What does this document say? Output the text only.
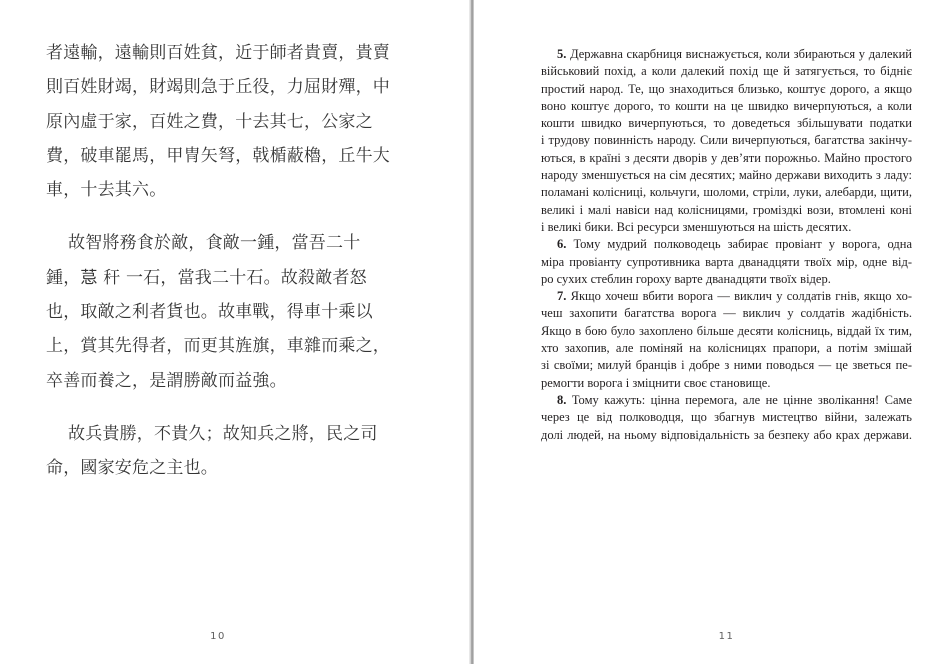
者遠輸，遠輸則百姓貧，近于師者貴賣，貴賣
則百姓財竭，財竭則急于丘役，力屈財殫，中
原內虛于家，百姓之費，十去其七，公家之
費，破車罷馬，甲冑矢弩，戟楯蔽櫓，丘牛大
車，十去其六。
故智將務食於敵，食敵一鍾，當吾二十
鍾，𦮼 秆 一石，當我二十石。故殺敵者怒
也，取敵之利者貨也。故車戰，得車十乘以
上，賞其先得者，而更其旌旗，車雜而乘之，
卒善而養之，是謂勝敵而益強。
故兵貴勝，不貴久；故知兵之將，民之司
命，國家安危之主也。
10
5. Державна скарбниця виснажується, коли збираються у далекий
військовий похід, а коли далекий похід ще й затягується, то бідніє
простий народ. Те, що знаходиться близько, коштує дорого, а якщо
воно коштує дорого, то кошти на це швидко вичерпуються, а коли
кошти швидко вичерпуються, то доведеться збільшувати податки
і трудову повинність народу. Сили вичерпуються, багатства закінчу-
ються, в країні з десяти дворів у дев’яти порожньо. Майно простого
народу зменшується на сім десятих; майно держави виходить з ладу:
поламані колісниці, кольчуги, шоломи, стріли, луки, алебарди, щити,
великі і малі навіси над колісницями, громіздкі вози, втомлені коні
і великі бики. Всі ресурси зменшуються на шість десятих.
6. Тому мудрий полководець забирає провіант у ворога, одна
міра провіанту супротивника варта дванадцяти твоїх мір, одне від-
ро сухих стеблин гороху варте дванадцяти твоїх відер.
7. Якщо хочеш вбити ворога — виклич у солдатів гнів, якщо хо-
чеш захопити багатства ворога — виклич у солдатів жадібність.
Якщо в бою було захоплено більше десяти колісниць, віддай їх тим,
хто захопив, але поміняй на колісницях прапори, а потім змішай
зі своїми; милуй бранців і добре з ними поводься — це зветься пе-
ремогти ворога і зміцнити своє становище.
8. Тому кажуть: цінна перемога, але не цінне зволікання! Саме
через це від полководця, що збагнув мистецтво війни, залежать
долі людей, на ньому відповідальність за безпеку або крах держави.
11
